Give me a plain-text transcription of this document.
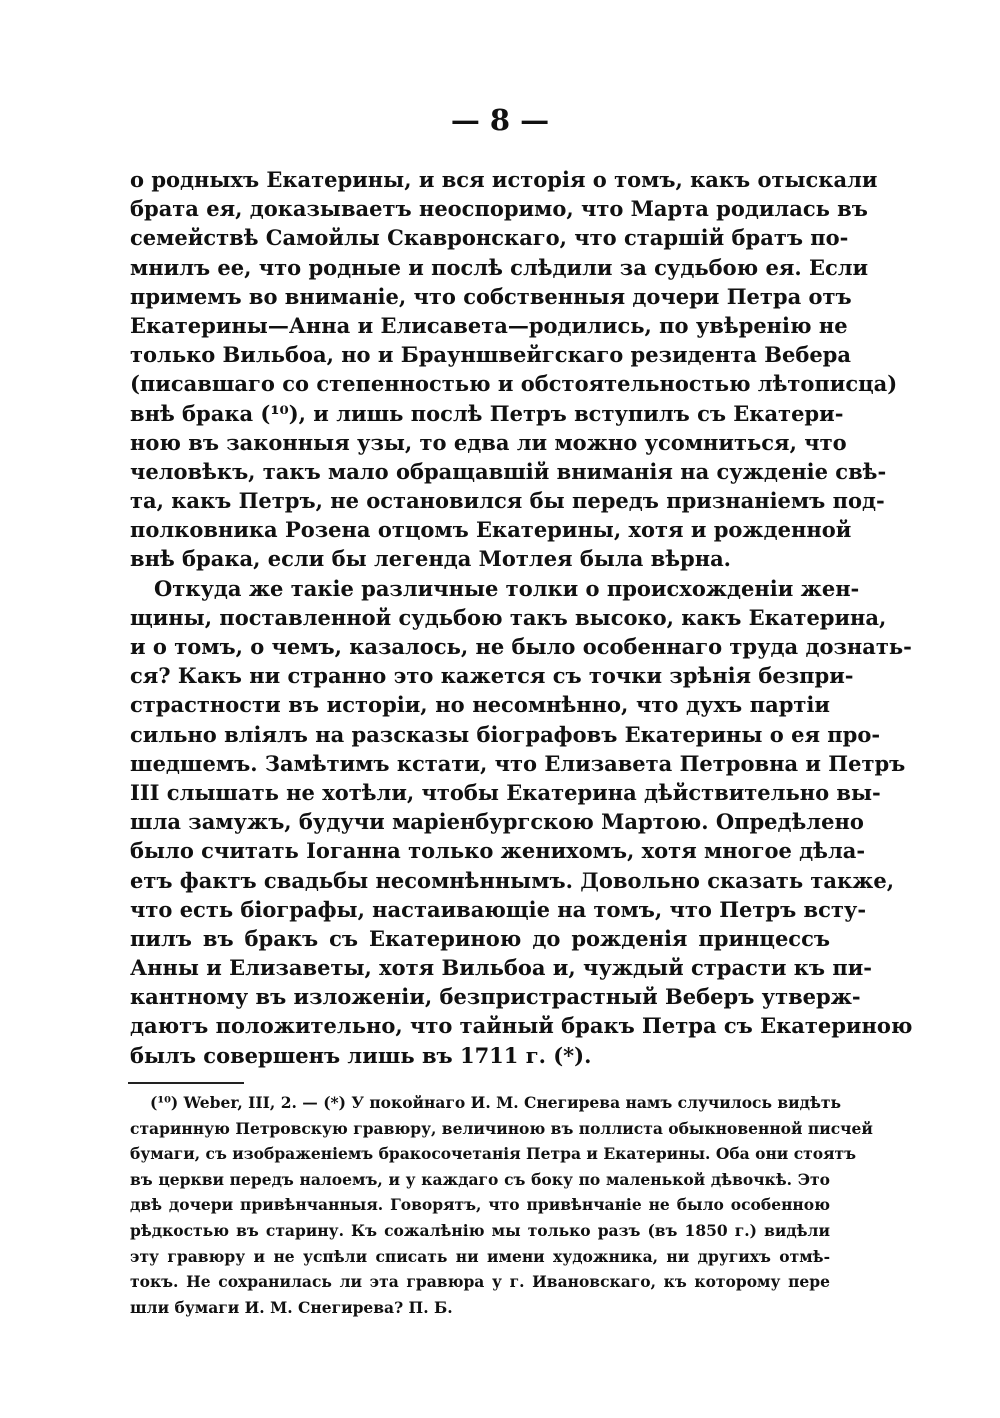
— 8 —
о родныхъ Екатерины, и вся исторія о томъ, какъ отыскали
брата ея, доказываетъ неоспоримо, что Марта родилась въ
семействѣ Самойлы Скавронскаго, что старшій братъ по-
мнилъ ее, что родные и послѣ слѣдили за судьбою ея. Если
примемъ во вниманіе, что собственныя дочери Петра отъ
Екатерины—Анна и Елисавета—родились, по увѣренію не
только Вильбоа, но и Брауншвейгскаго резидента Вебера
(писавшаго со степенностью и обстоятельностью лѣтописца)
внѣ брака (¹⁰), и лишь послѣ Петръ вступилъ съ Екатери-
ною въ законныя узы, то едва ли можно усомниться, что
человѣкъ, такъ мало обращавшій вниманія на сужденіе свѣ-
та, какъ Петръ, не остановился бы передъ признаніемъ под-
полковника Розена отцомъ Екатерины, хотя и рожденной
внѣ брака, если бы легенда Мотлея была вѣрна.
Откуда же такіе различные толки о происхожденіи жен-
щины, поставленной судьбою такъ высоко, какъ Екатерина,
и о томъ, о чемъ, казалось, не было особеннаго труда дознать-
ся? Какъ ни странно это кажется съ точки зрѣнія безпри-
страстности въ исторіи, но несомнѣнно, что духъ партіи
сильно вліялъ на разсказы біографовъ Екатерины о ея про-
шедшемъ. Замѣтимъ кстати, что Елизавета Петровна и Петръ
III слышать не хотѣли, чтобы Екатерина дѣйствительно вы-
шла замужъ, будучи маріенбургскою Мартою. Опредѣлено
было считать Іоганна только женихомъ, хотя многое дѣла-
етъ фактъ свадьбы несомнѣннымъ. Довольно сказать также,
что есть біографы, настаивающіе на томъ, что Петръ всту-
пилъ въ бракъ съ Екатериною до рожденія принцессъ
Анны и Елизаветы, хотя Вильбоа и, чуждый страсти къ пи-
кантному въ изложеніи, безпристрастный Веберъ утверж-
даютъ положительно, что тайный бракъ Петра съ Екатериною
былъ совершенъ лишь въ 1711 г. (*).
(¹⁰) Weber, III, 2. — (*) У покойнаго И. М. Снегирева намъ случилось видѣть
старинную Петровскую гравюру, величиною въ поллиста обыкновенной писчей
бумаги, съ изображеніемъ бракосочетанія Петра и Екатерины. Оба они стоятъ
въ церкви передъ налоемъ, и у каждаго съ боку по маленькой дѣвочкѣ. Это
двѣ дочери привѣнчанныя. Говорятъ, что привѣнчаніе не было особенною
рѣдкостью въ старину. Къ сожалѣнію мы только разъ (въ 1850 г.) видѣли
эту гравюру и не успѣли списать ни имени художника, ни другихъ отмѣ-
токъ. Не сохранилась ли эта гравюра у г. Ивановскаго, къ которому пере
шли бумаги И. М. Снегирева? П. Б.
